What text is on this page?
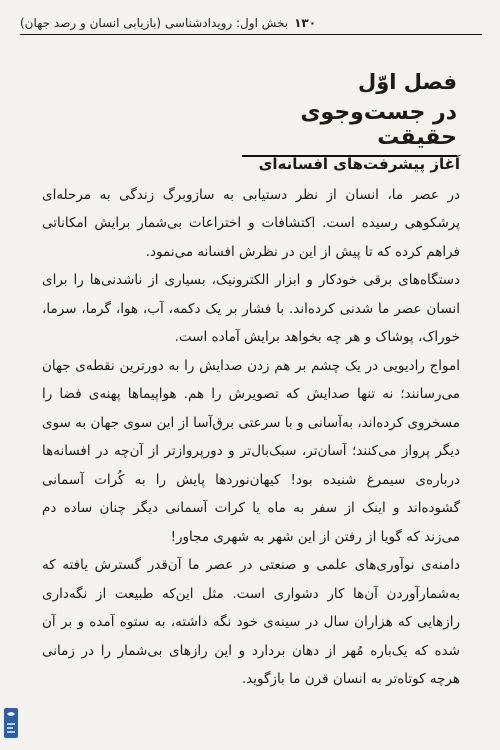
۱۳۰
بخش اول: رویدادشناسی (بازیابی انسان و رصد جهان)
فصل اوّل
در جست‌وجوی حقیقت
آغاز پیشرفت‌های افسانه‌ای

در عصر ما، انسان از نظر دستیابی به سازوبرگ زندگی به مرحله‌ای پرشکوهی رسیده است. اکتشافات و اختراعات بی‌شمار برایش امکاناتی فراهم کرده که تا پیش از این در نظرش افسانه می‌نمود.

دستگاه‌های برقی خودکار و ابزار الکترونیک، بسیاری از ناشدنی‌ها را برای انسان عصر ما شدنی کرده‌اند. با فشار بر یک دکمه، آب، هوا، گرما، سرما، خوراک، پوشاک و هر چه بخواهد برایش آماده است.

امواج رادیویی در یک چشم بر هم زدن صدایش را به دورترین نقطه‌ی جهان می‌رسانند؛ نه تنها صدایش که تصویرش را هم. هواپیماها پهنه‌ی فضا را مسخروی کرده‌اند، به‌آسانی و با سرعتی برق‌آسا از این سوی جهان به سوی دیگر پرواز می‌کنند؛ آسان‌تر، سبک‌بال‌تر و دورپروازتر از آن‌چه در افسانه‌ها درباره‌ی سیمرغ شنیده بود! کیهان‌نوردها پایش را به کُرات آسمانی گشوده‌اند و اینک از سفر به ماه یا کرات آسمانی دیگر چنان ساده دم می‌زند که گویا از رفتن از این شهر به شهری مجاور!

دامنه‌ی نوآوری‌های علمی و صنعتی در عصر ما آن‌قدر گسترش یافته که به‌شمارآوردن آن‌ها کار دشواری است. مثل این‌که طبیعت از نگه‌داری رازهایی که هزاران سال در سینه‌ی خود نگه داشته، به ستوه آمده و بر آن شده که یک‌باره مُهر از دهان بردارد و این رازهای بی‌شمار را در زمانی هرچه کوتاه‌تر به انسان قرن ما بازگوید.
